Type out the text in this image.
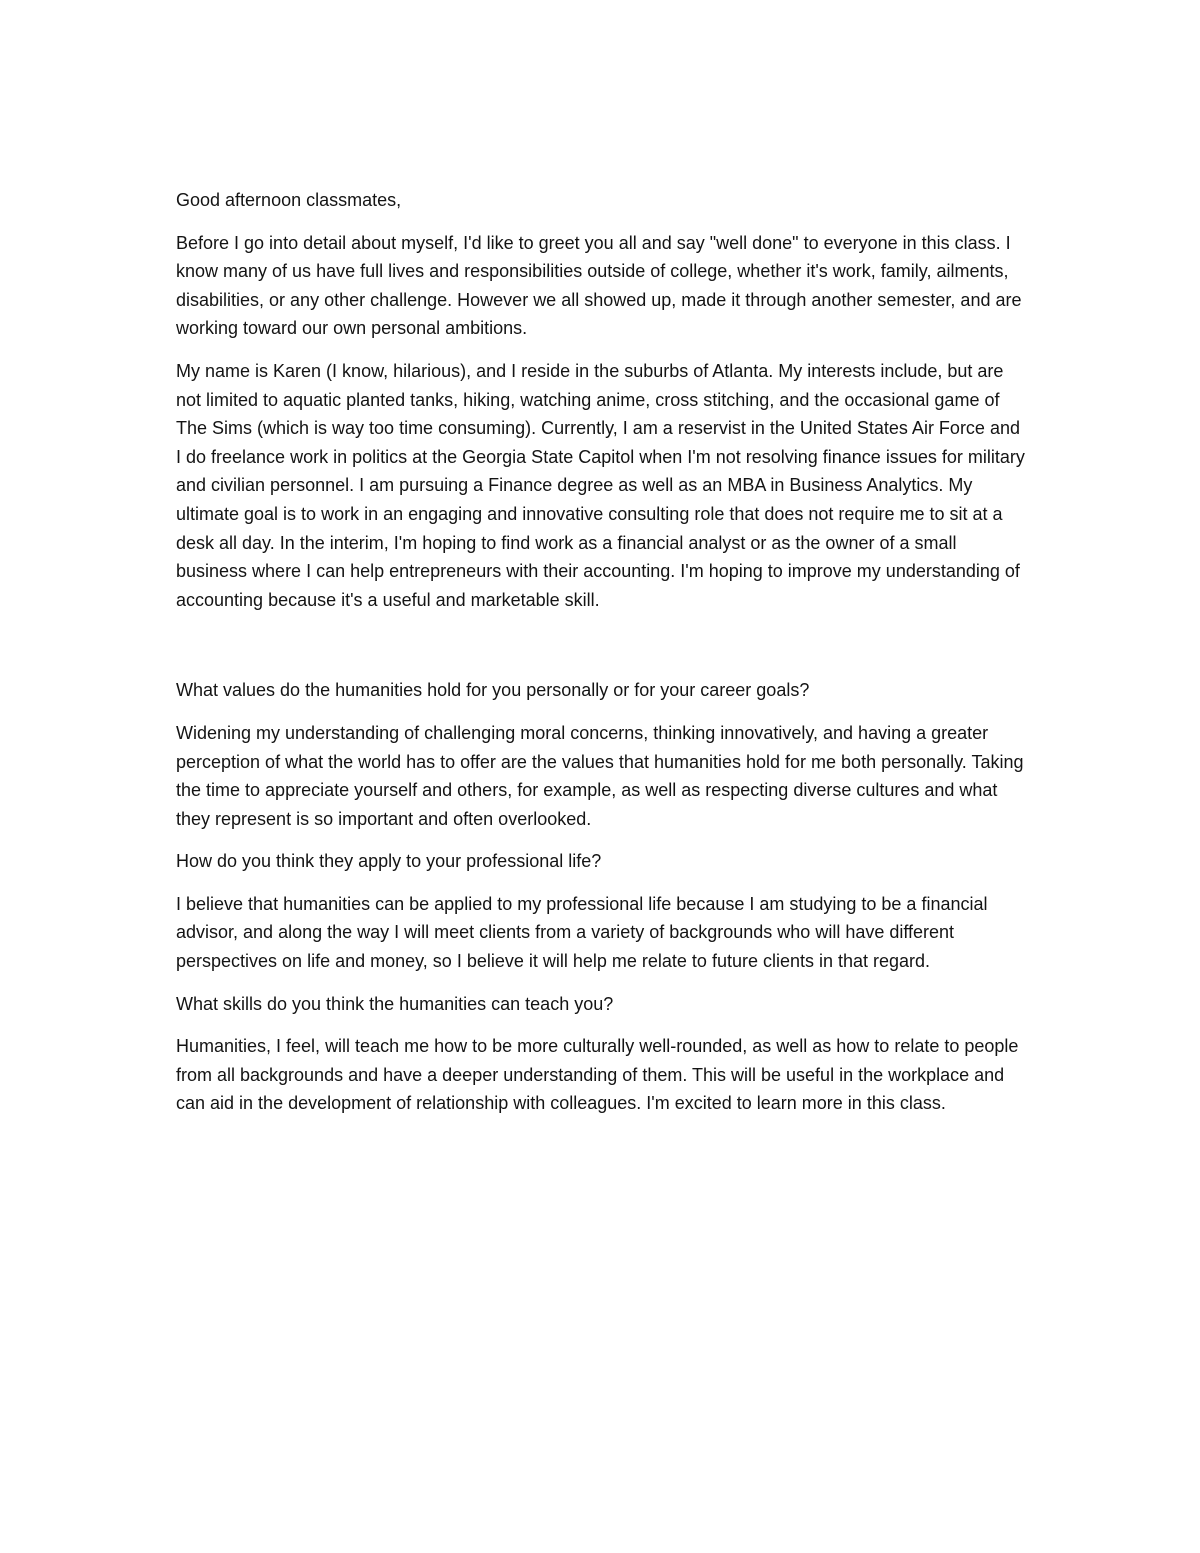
Good afternoon classmates,

Before I go into detail about myself, I'd like to greet you all and say "well done" to everyone in this class. I know many of us have full lives and responsibilities outside of college, whether it's work, family, ailments, disabilities, or any other challenge. However we all showed up, made it through another semester, and are working toward our own personal ambitions.

My name is Karen (I know, hilarious), and I reside in the suburbs of Atlanta. My interests include, but are not limited to aquatic planted tanks, hiking, watching anime, cross stitching, and the occasional game of The Sims (which is way too time consuming). Currently, I am a reservist in the United States Air Force and I do freelance work in politics at the Georgia State Capitol when I'm not resolving finance issues for military and civilian personnel. I am pursuing a Finance degree as well as an MBA in Business Analytics. My ultimate goal is to work in an engaging and innovative consulting role that does not require me to sit at a desk all day. In the interim, I'm hoping to find work as a financial analyst or as the owner of a small business where I can help entrepreneurs with their accounting. I'm hoping to improve my understanding of accounting because it's a useful and marketable skill.

What values do the humanities hold for you personally or for your career goals?

Widening my understanding of challenging moral concerns, thinking innovatively, and having a greater perception of what the world has to offer are the values that humanities hold for me both personally. Taking the time to appreciate yourself and others, for example, as well as respecting diverse cultures and what they represent is so important and often overlooked.

How do you think they apply to your professional life?

I believe that humanities can be applied to my professional life because I am studying to be a financial advisor, and along the way I will meet clients from a variety of backgrounds who will have different perspectives on life and money, so I believe it will help me relate to future clients in that regard.

What skills do you think the humanities can teach you?

Humanities, I feel, will teach me how to be more culturally well-rounded, as well as how to relate to people from all backgrounds and have a deeper understanding of them. This will be useful in the workplace and can aid in the development of relationship with colleagues. I'm excited to learn more in this class.
